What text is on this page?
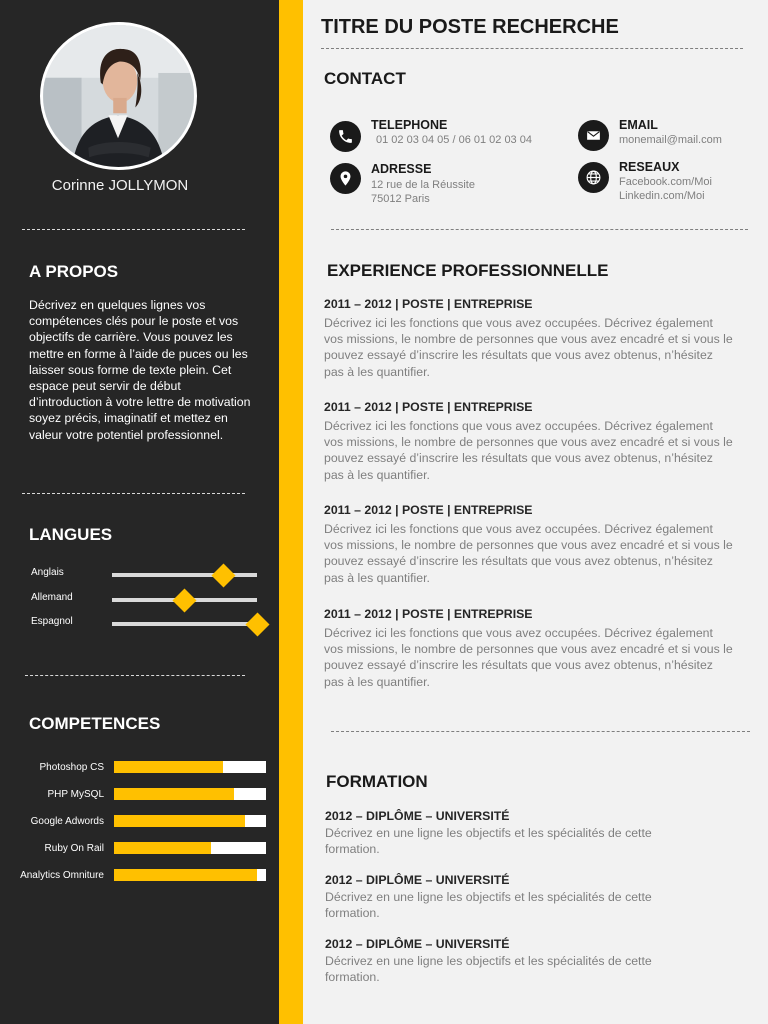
Corinne JOLLYMON
A PROPOS
Décrivez en quelques lignes vos compétences clés pour le poste et vos objectifs de carrière. Vous pouvez les mettre en forme à l’aide de puces ou les laisser sous forme de texte plein. Cet espace peut servir de début d’introduction à votre lettre de motivation soyez précis, imaginatif et mettez en valeur votre potentiel professionnel.
LANGUES
Anglais
Allemand
Espagnol
COMPETENCES
Photoshop CS
PHP MySQL
Google Adwords
Ruby On Rail
Analytics Omniture
TITRE DU POSTE RECHERCHE
CONTACT
TELEPHONE
01 02 03 04 05 / 06 01 02 03 04
EMAIL
monemail@mail.com
ADRESSE
12 rue de la Réussite
75012 Paris
RESEAUX
Facebook.com/Moi
Linkedin.com/Moi
EXPERIENCE PROFESSIONNELLE
2011 – 2012 | POSTE | ENTREPRISE
Décrivez ici les fonctions que vous avez occupées. Décrivez également vos missions, le nombre de personnes que vous avez encadré et si vous le pouvez essayé d’inscrire les résultats que vous avez obtenus, n’hésitez pas à les quantifier.
2011 – 2012 | POSTE | ENTREPRISE
Décrivez ici les fonctions que vous avez occupées. Décrivez également vos missions, le nombre de personnes que vous avez encadré et si vous le pouvez essayé d’inscrire les résultats que vous avez obtenus, n’hésitez pas à les quantifier.
2011 – 2012 | POSTE | ENTREPRISE
Décrivez ici les fonctions que vous avez occupées. Décrivez également vos missions, le nombre de personnes que vous avez encadré et si vous le pouvez essayé d’inscrire les résultats que vous avez obtenus, n’hésitez pas à les quantifier.
2011 – 2012 | POSTE | ENTREPRISE
Décrivez ici les fonctions que vous avez occupées. Décrivez également vos missions, le nombre de personnes que vous avez encadré et si vous le pouvez essayé d’inscrire les résultats que vous avez obtenus, n’hésitez pas à les quantifier.
FORMATION
2012 – DIPLÔME – UNIVERSITÉ
Décrivez en une ligne les objectifs et les spécialités de cette formation.
2012 – DIPLÔME – UNIVERSITÉ
Décrivez en une ligne les objectifs et les spécialités de cette formation.
2012 – DIPLÔME – UNIVERSITÉ
Décrivez en une ligne les objectifs et les spécialités de cette formation.
